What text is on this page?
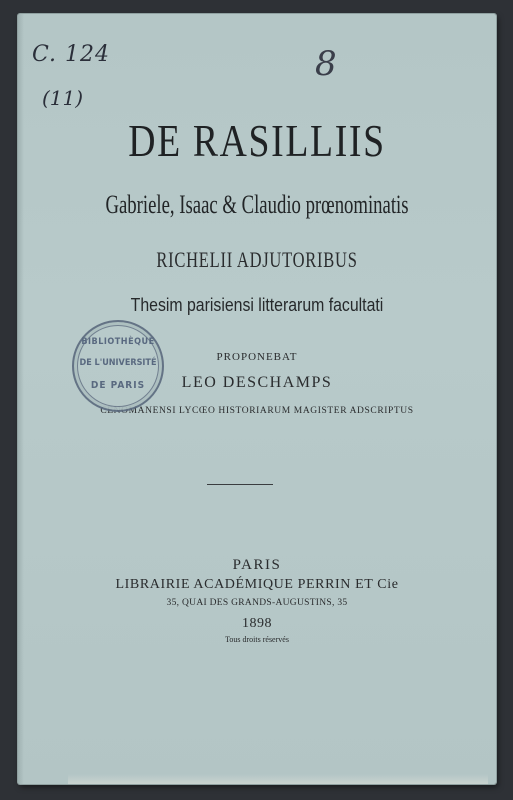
C. 124
(11)
8
DE RASILLIIS
Gabriele, Isaac & Claudio prœnominatis
RICHELII ADJUTORIBUS
Thesim parisiensi litterarum facultati
PROPONEBAT
LEO DESCHAMPS
CENOMANENSI LYCŒO HISTORIARUM MAGISTER ADSCRIPTUS
BIBLIOTHÈQUE
DE L'UNIVERSITÉ
DE PARIS
PARIS
LIBRAIRIE ACADÉMIQUE PERRIN ET Cie
35, QUAI DES GRANDS-AUGUSTINS, 35
1898
Tous droits réservés
